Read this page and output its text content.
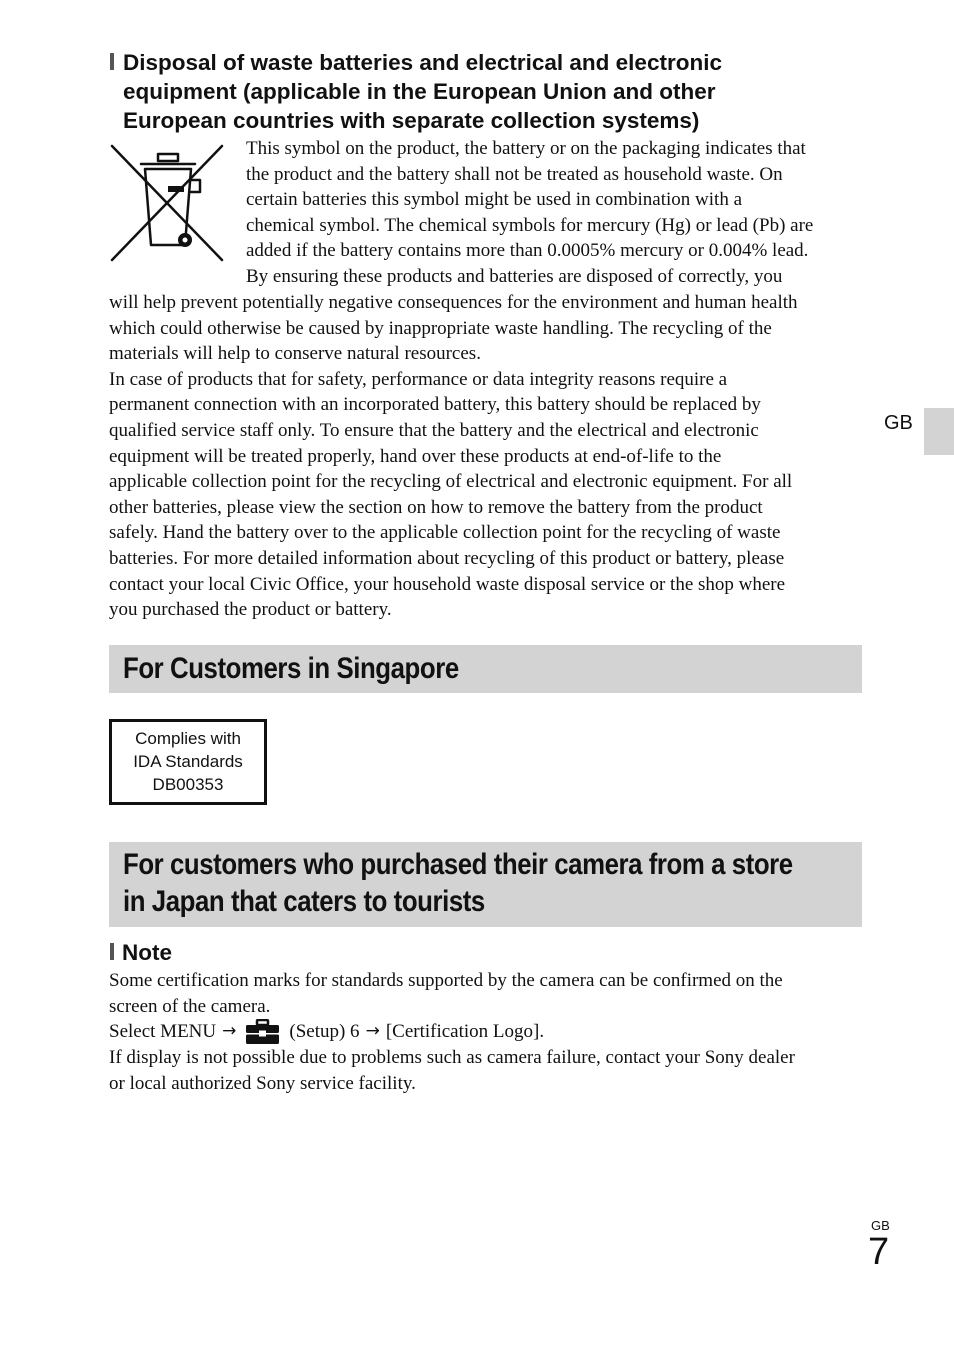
Disposal of waste batteries and electrical and electronic
equipment (applicable in the European Union and other
European countries with separate collection systems)
This symbol on the product, the battery or on the packaging indicates that
the product and the battery shall not be treated as household waste. On
certain batteries this symbol might be used in combination with a
chemical symbol. The chemical symbols for mercury (Hg) or lead (Pb) are
added if the battery contains more than 0.0005% mercury or 0.004% lead.
By ensuring these products and batteries are disposed of correctly, you
will help prevent potentially negative consequences for the environment and human health
which could otherwise be caused by inappropriate waste handling. The recycling of the
materials will help to conserve natural resources.
In case of products that for safety, performance or data integrity reasons require a
permanent connection with an incorporated battery, this battery should be replaced by
qualified service staff only. To ensure that the battery and the electrical and electronic
equipment will be treated properly, hand over these products at end-of-life to the
applicable collection point for the recycling of electrical and electronic equipment. For all
other batteries, please view the section on how to remove the battery from the product
safely. Hand the battery over to the applicable collection point for the recycling of waste
batteries. For more detailed information about recycling of this product or battery, please
contact your local Civic Office, your household waste disposal service or the shop where
you purchased the product or battery.
For Customers in Singapore
Complies with
IDA Standards
DB00353
For customers who purchased their camera from a store
in Japan that caters to tourists
Note
Some certification marks for standards supported by the camera can be confirmed on the
screen of the camera.
Select MENU →	(Setup) 6 → [Certification Logo].
If display is not possible due to problems such as camera failure, contact your Sony dealer
or local authorized Sony service facility.
GB
GB
7
